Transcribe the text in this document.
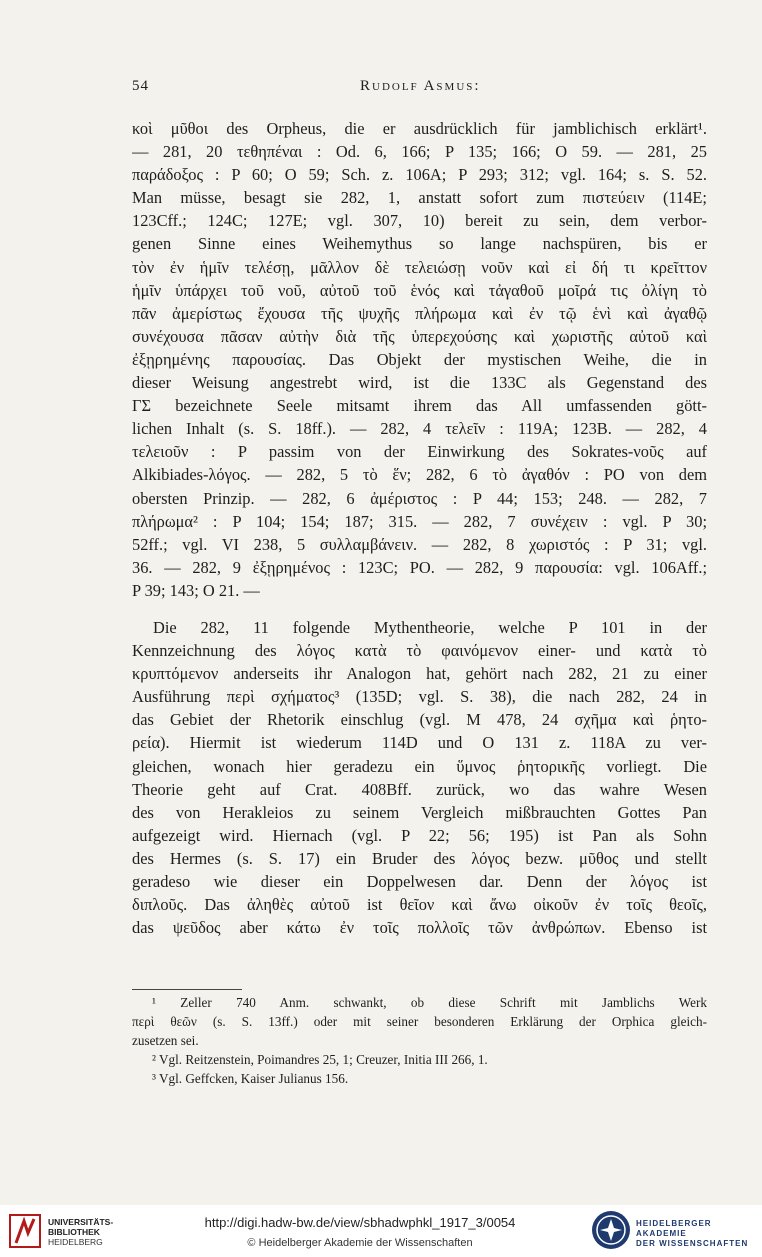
54	Rudolf Asmus:
κοὶ μῦθοι des Orpheus, die er ausdrücklich für jamblichisch erklärt¹.
— 281, 20 τεθηπέναι : Od. 6, 166; P 135; 166; O 59. — 281, 25
παράδοξος : P 60; O 59; Sch. z. 106A; P 293; 312; vgl. 164; s. S. 52.
Man müsse, besagt sie 282, 1, anstatt sofort zum πιστεύειν (114E;
123Cff.; 124C; 127E; vgl. 307, 10) bereit zu sein, dem verbor-
genen Sinne eines Weihemythus so lange nachspüren, bis er
τὸν ἐν ἡμῖν τελέσῃ, μᾶλλον δὲ τελειώσῃ νοῦν καὶ εἰ δή τι κρεῖττον
ἡμῖν ὑπάρχει τοῦ νοῦ, αὐτοῦ τοῦ ἑνός καὶ τἀγαθοῦ μοῖρά τις ὀλίγη τὸ
πᾶν ἀμερίστως ἔχουσα τῆς ψυχῆς πλήρωμα καὶ ἐν τῷ ἑνὶ καὶ ἀγαθῷ
συνέχουσα πᾶσαν αὐτὴν διὰ τῆς ὑπερεχούσης καὶ χωριστῆς αὐτοῦ καὶ
ἐξῃρημένης παρουσίας. Das Objekt der mystischen Weihe, die in
dieser Weisung angestrebt wird, ist die 133C als Gegenstand des
ΓΣ bezeichnete Seele mitsamt ihrem das All umfassenden gött-
lichen Inhalt (s. S. 18ff.). — 282, 4 τελεῖν : 119A; 123B. — 282, 4
τελειοῦν : P passim von der Einwirkung des Sokrates-νοῦς auf
Alkibiades-λόγος. — 282, 5 τὸ ἕν; 282, 6 τὸ ἀγαθόν : PO von dem
obersten Prinzip. — 282, 6 ἀμέριστος : P 44; 153; 248. — 282, 7
πλήρωμα² : P 104; 154; 187; 315. — 282, 7 συνέχειν : vgl. P 30;
52ff.; vgl. VI 238, 5 συλλαμβάνειν. — 282, 8 χωριστός : P 31; vgl.
36. — 282, 9 ἐξῃρημένος : 123C; PO. — 282, 9 παρουσία: vgl. 106Aff.;
P 39; 143; O 21. —
Die 282, 11 folgende Mythentheorie, welche P 101 in der
Kennzeichnung des λόγος κατὰ τὸ φαινόμενον einer- und κατὰ τὸ
κρυπτόμενον anderseits ihr Analogon hat, gehört nach 282, 21 zu einer
Ausführung περὶ σχήματος³ (135D; vgl. S. 38), die nach 282, 24 in
das Gebiet der Rhetorik einschlug (vgl. M 478, 24 σχῆμα καὶ ῥητο-
ρεία). Hiermit ist wiederum 114D und O 131 z. 118A zu ver-
gleichen, wonach hier geradezu ein ὕμνος ῥητορικῆς vorliegt. Die
Theorie geht auf Crat. 408Bff. zurück, wo das wahre Wesen
des von Herakleios zu seinem Vergleich mißbrauchten Gottes Pan
aufgezeigt wird. Hiernach (vgl. P 22; 56; 195) ist Pan als Sohn
des Hermes (s. S. 17) ein Bruder des λόγος bezw. μῦθος und stellt
geradeso wie dieser ein Doppelwesen dar. Denn der λόγος ist
διπλοῦς. Das ἀληθὲς αὐτοῦ ist θεῖον καὶ ἄνω οἰκοῦν ἐν τοῖς θεοῖς,
das ψεῦδος aber κάτω ἐν τοῖς πολλοῖς τῶν ἀνθρώπων. Ebenso ist
¹ Zeller 740 Anm. schwankt, ob diese Schrift mit Jamblichs Werk
περὶ θεῶν (s. S. 13ff.) oder mit seiner besonderen Erklärung der Orphica gleich-
zusetzen sei.
² Vgl. Reitzenstein, Poimandres 25, 1; Creuzer, Initia III 266, 1.
³ Vgl. Geffcken, Kaiser Julianus 156.
UNIVERSITÄTS-
BIBLIOTHEK
HEIDELBERG
http://digi.hadw-bw.de/view/sbhadwphkl_1917_3/0054
© Heidelberger Akademie der Wissenschaften
HEIDELBERGER AKADEMIE
DER WISSENSCHAFTEN
